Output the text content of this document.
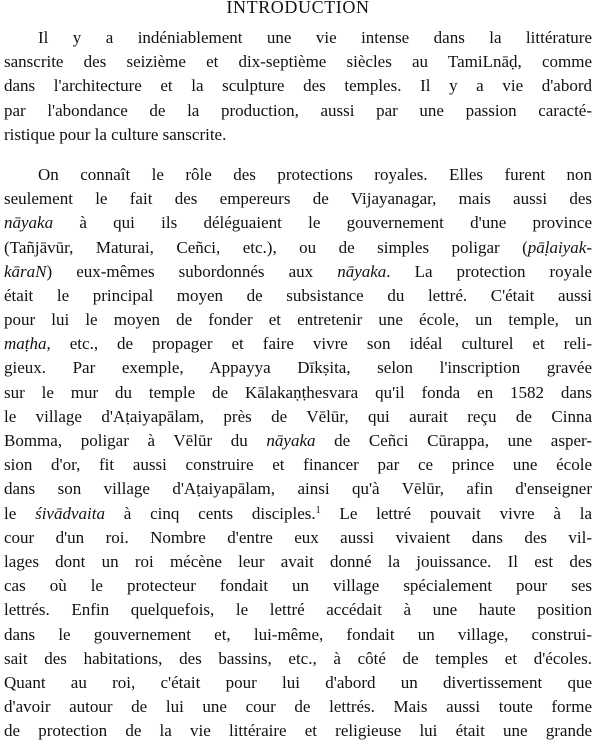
INTRODUCTION
Il y a indéniablement une vie intense dans la littérature
sanscrite des seizième et dix-septième siècles au TamiLnāḍ, comme
dans l'architecture et la sculpture des temples. Il y a vie d'abord
par l'abondance de la production, aussi par une passion caracté-
ristique pour la culture sanscrite.
On connaît le rôle des protections royales. Elles furent non
seulement le fait des empereurs de Vijayanagar, mais aussi des
nāyaka à qui ils déléguaient le gouvernement d'une province
(Tañjāvūr, Maturai, Ceñci, etc.), ou de simples poligar (pāḷaiyak-
kāraN) eux-mêmes subordonnés aux nāyaka. La protection royale
était le principal moyen de subsistance du lettré. C'était aussi
pour lui le moyen de fonder et entretenir une école, un temple, un
maṭha, etc., de propager et faire vivre son idéal culturel et reli-
gieux. Par exemple, Appayya Dīkṣita, selon l'inscription gravée
sur le mur du temple de Kālakaṇṭhesvara qu'il fonda en 1582 dans
le village d'Aṭaiyapālam, près de Vēlūr, qui aurait reçu de Cinna
Bomma, poligar à Vēlūr du nāyaka de Ceñci Cūrappa, une asper-
sion d'or, fit aussi construire et financer par ce prince une école
dans son village d'Aṭaiyapālam, ainsi qu'à Vēlūr, afin d'enseigner
le śivādvaita à cinq cents disciples.$^1$ Le lettré pouvait vivre à la
cour d'un roi. Nombre d'entre eux aussi vivaient dans des vil-
lages dont un roi mécène leur avait donné la jouissance. Il est des
cas où le protecteur fondait un village spécialement pour ses
lettrés. Enfin quelquefois, le lettré accédait à une haute position
dans le gouvernement et, lui-même, fondait un village, construi-
sait des habitations, des bassins, etc., à côté de temples et d'écoles.
Quant au roi, c'était pour lui d'abord un divertissement que
d'avoir autour de lui une cour de lettrés. Mais aussi toute forme
de protection de la vie littéraire et religieuse lui était une grande
